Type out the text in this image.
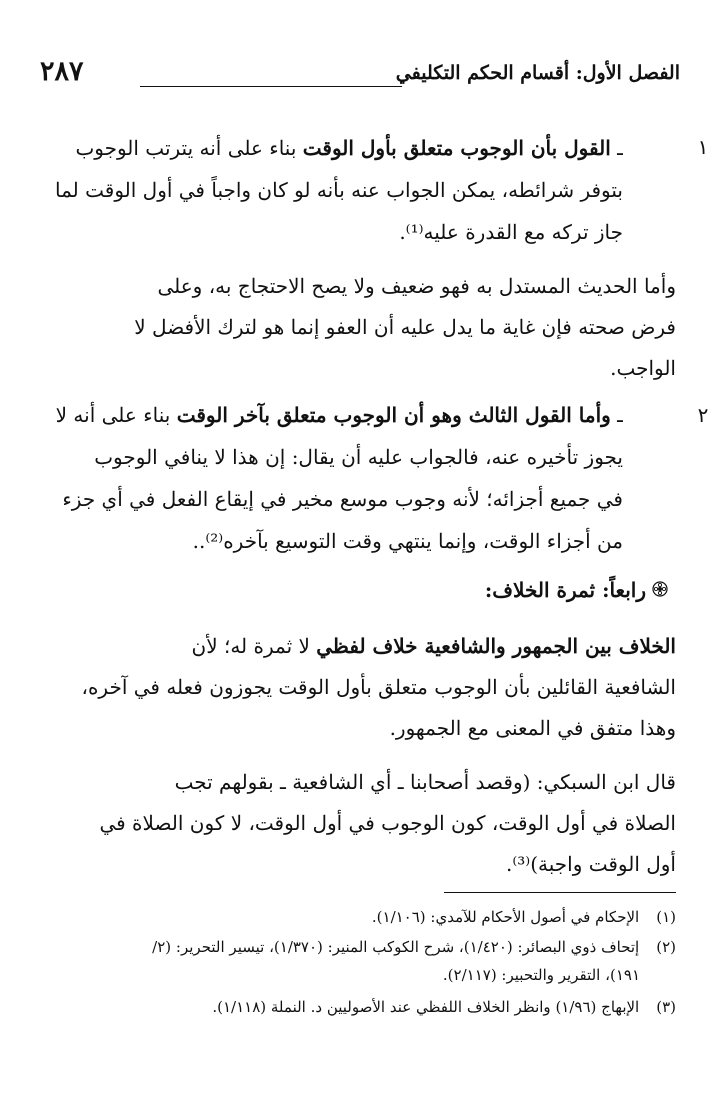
الفصل الأول: أقسام الحكم التكليفي
٢٨٧
١
ـ القول بأن الوجوب متعلق بأول الوقت بناء على أنه يترتب الوجوب
بتوفر شرائطه، يمكن الجواب عنه بأنه لو كان واجباً في أول الوقت لما
جاز تركه مع القدرة عليه⁽¹⁾.
وأما الحديث المستدل به فهو ضعيف ولا يصح الاحتجاج به، وعلى
فرض صحته فإن غاية ما يدل عليه أن العفو إنما هو لترك الأفضل لا
الواجب.
٢
ـ وأما القول الثالث وهو أن الوجوب متعلق بآخر الوقت بناء على أنه لا
يجوز تأخيره عنه، فالجواب عليه أن يقال: إن هذا لا ينافي الوجوب
في جميع أجزائه؛ لأنه وجوب موسع مخير في إيقاع الفعل في أي جزء
من أجزاء الوقت، وإنما ينتهي وقت التوسيع بآخره⁽²⁾..
رابعاً: ثمرة الخلاف:
الخلاف بين الجمهور والشافعية خلاف لفظي لا ثمرة له؛ لأن
الشافعية القائلين بأن الوجوب متعلق بأول الوقت يجوزون فعله في آخره،
وهذا متفق في المعنى مع الجمهور.
قال ابن السبكي: (وقصد أصحابنا ـ أي الشافعية ـ بقولهم تجب
الصلاة في أول الوقت، كون الوجوب في أول الوقت، لا كون الصلاة في
أول الوقت واجبة)⁽³⁾.
(١) الإحكام في أصول الأحكام للآمدي: (١/١٠٦).
(٢) إتحاف ذوي البصائر: (١/٤٢٠)، شرح الكوكب المنير: (١/٣٧٠)، تيسير التحرير: (٢/
١٩١)، التقرير والتحبير: (٢/١١٧).
(٣) الإبهاج (١/٩٦) وانظر الخلاف اللفظي عند الأصوليين د. النملة (١/١١٨).
